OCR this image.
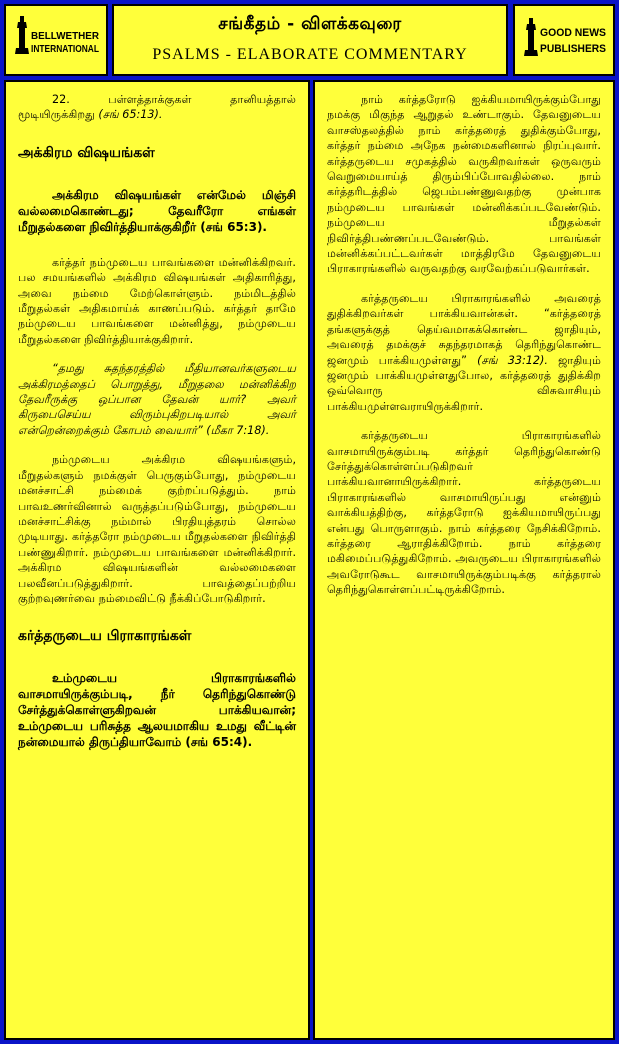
BELLWETHER
INTERNATIONAL
சங்கீதம் - விளக்கவுரை
PSALMS - ELABORATE COMMENTARY
GOOD NEWS
PUBLISHERS

22. பள்ளத்தாக்குகள் தானியத்தால் மூடியிருக்கிறது (சங் 65:13).

அக்கிரம விஷயங்கள்
அக்கிரம விஷயங்கள் என்மேல் மிஞ்சி வல்லமைகொண்டது; தேவரீரோ எங்கள் மீறுதல்களை நிவிர்த்தியாக்குகிறீர் (சங் 65:3).

கர்த்தர் நம்முடைய பாவங்களை மன்னிக்கிறவர். பல சமயங்களில் அக்கிரம விஷயங்கள் அதிகாரித்து, அவை நம்மை மேற்கொள்ளும். நம்மிடத்தில் மீறுதல்கள் அதிகமாய்க் காணப்படும். கர்த்தர் தாமே நம்முடைய பாவங்களை மன்னித்து, நம்முடைய மீறுதல்களை நிவிர்த்தியாக்குகிறார்.

“தமது சுதந்தரத்தில் மீதியானவர்களுடைய அக்கிரமத்தைப் பொறுத்து, மீறுதலை மன்னிக்கிற தேவரீருக்கு ஒப்பான தேவன் யார்? அவர் கிருபைசெய்ய விரும்புகிறபடியால் அவர் என்றென்றைக்கும் கோபம் வையார்” (மீகா 7:18).

நம்முடைய அக்கிரம விஷயங்களும், மீறுதல்களும் நமக்குள் பெருகும்போது, நம்முடைய மனச்சாட்சி நம்மைக் குற்றப்படுத்தும். நாம் பாவஉணர்வினால் வருத்தப்படும்போது, நம்முடைய மனச்சாட்சிக்கு நம்மால் பிரதியுத்தரம் சொல்ல முடியாது. கர்த்தரோ நம்முடைய மீறுதல்களை நிவிர்த்தி பண்ணுகிறார். நம்முடைய பாவங்களை மன்னிக்கிறார். அக்கிரம விஷயங்களின் வல்லமைகளை பலவீனப்படுத்துகிறார். பாவத்தைப்பற்றிய குற்றவுணர்வை நம்மைவிட்டு நீக்கிப்போடுகிறார்.

கர்த்தருடைய பிராகாரங்கள்
உம்முடைய பிராகாரங்களில் வாசமாயிருக்கும்படி, நீர் தெரிந்துகொண்டு சேர்த்துக்கொள்ளுகிறவன் பாக்கியவான்; உம்முடைய பரிசுத்த ஆலயமாகிய உமது வீட்டின் நன்மையால் திருப்தியாவோம் (சங் 65:4).

நாம் கர்த்தரோடு ஐக்கியமாயிருக்கும்போது நமக்கு மிகுந்த ஆறுதல் உண்டாகும். தேவனுடைய வாசஸ்தலத்தில் நாம் கர்த்தரைத் துதிக்கும்போது, கர்த்தர் நம்மை அநேக நன்மைகளினால் நிரப்புவார். கர்த்தருடைய சமுகத்தில் வருகிறவர்கள் ஒருவரும் வெறுமையாய்த் திரும்பிப்போவதில்லை. நாம் கர்த்தரிடத்தில் ஜெபம்பண்ணுவதற்கு முன்பாக நம்முடைய பாவங்கள் மன்னிக்கப்படவேண்டும். நம்முடைய மீறுதல்கள் நிவிர்த்திபண்ணப்படவேண்டும். பாவங்கள் மன்னிக்கப்பட்டவர்கள் மாத்திரமே தேவனுடைய பிராகாரங்களில் வருவதற்கு வரவேற்கப்படுவார்கள்.

கர்த்தருடைய பிராகாரங்களில் அவரைத் துதிக்கிறவர்கள் பாக்கியவான்கள். “கர்த்தரைத் தங்களுக்குத் தெய்வமாகக்கொண்ட ஜாதியும், அவரைத் தமக்குச் சுதந்தரமாகத் தெரிந்துகொண்ட ஜனமும் பாக்கியமுள்ளது” (சங் 33:12). ஜாதியும் ஜனமும் பாக்கியமுள்ளதுபோல, கர்த்தரைத் துதிக்கிற ஒவ்வொரு விசுவாசியும் பாக்கியமுள்ளவராயிருக்கிறார்.

கர்த்தருடைய பிராகாரங்களில் வாசமாயிருக்கும்படி கர்த்தர் தெரிந்துகொண்டு சேர்த்துக்கொள்ளப்படுகிறவர் பாக்கியவானாயிருக்கிறார். கர்த்தருடைய பிராகாரங்களில் வாசமாயிருப்பது என்னும் வாக்கியத்திற்கு, கர்த்தரோடு ஐக்கியமாயிருப்பது என்பது பொருளாகும். நாம் கர்த்தரை நேசிக்கிறோம். கர்த்தரை ஆராதிக்கிறோம். நாம் கர்த்தரை மகிமைப்படுத்துகிறோம். அவருடைய பிராகாரங்களில் அவரோடுகூட வாசமாயிருக்கும்படிக்கு கர்த்தரால் தெரிந்துகொள்ளப்பட்டிருக்கிறோம்.
